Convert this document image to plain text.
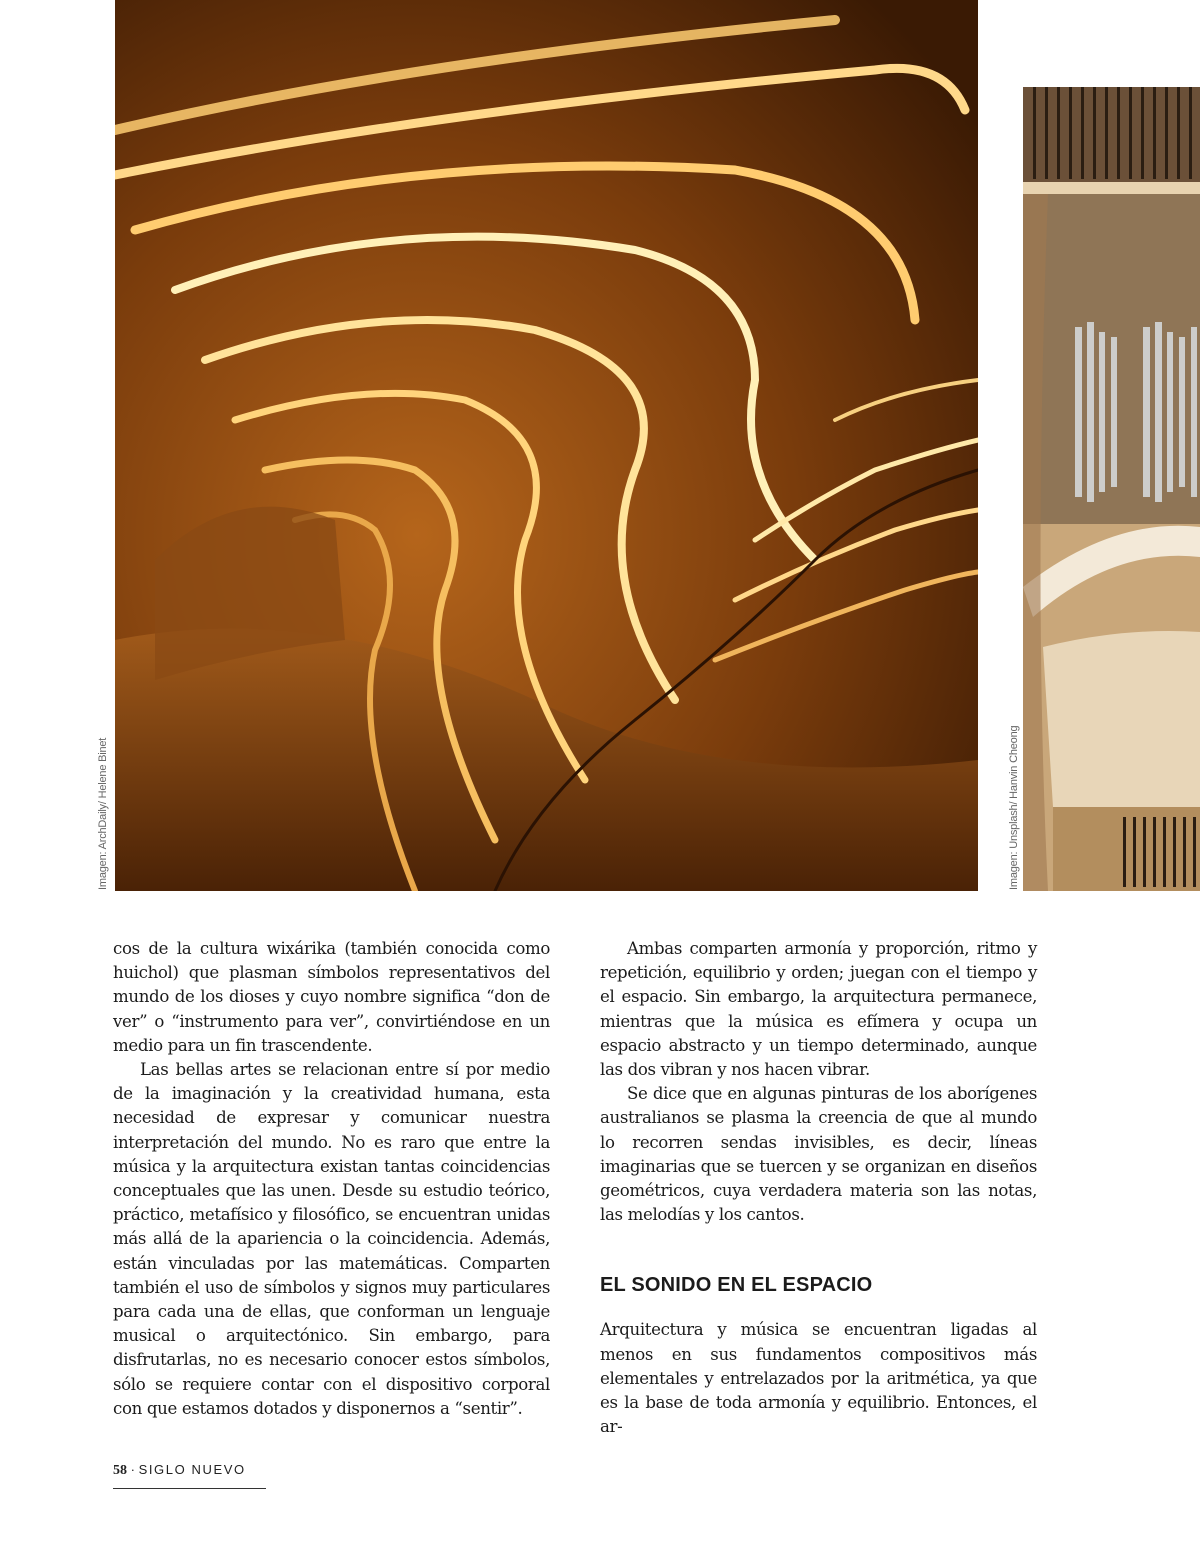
Imagen: ArchDaily/ Helene Binet	Imagen: Unsplash/ Hanvin Cheong

cos de la cultura wixárika (también conocida como huichol) que plasman símbolos representativos del mundo de los dioses y cuyo nombre significa “don de ver” o “instrumento para ver”, convirtiéndose en un medio para un fin trascendente.

Las bellas artes se relacionan entre sí por medio de la imaginación y la creatividad humana, esta necesidad de expresar y comunicar nuestra interpretación del mundo. No es raro que entre la música y la arquitectura existan tantas coincidencias conceptuales que las unen. Desde su estudio teórico, práctico, metafísico y filosófico, se encuentran unidas más allá de la apariencia o la coincidencia. Además, están vinculadas por las matemáticas. Comparten también el uso de símbolos y signos muy particulares para cada una de ellas, que conforman un lenguaje musical o arquitectónico. Sin embargo, para disfrutarlas, no es necesario conocer estos símbolos, sólo se requiere contar con el dispositivo corporal con que estamos dotados y disponernos a “sentir”.

Ambas comparten armonía y proporción, ritmo y repetición, equilibrio y orden; juegan con el tiempo y el espacio. Sin embargo, la arquitectura permanece, mientras que la música es efímera y ocupa un espacio abstracto y un tiempo determinado, aunque las dos vibran y nos hacen vibrar.

Se dice que en algunas pinturas de los aborígenes australianos se plasma la creencia de que al mundo lo recorren sendas invisibles, es decir, líneas imaginarias que se tuercen y se organizan en diseños geométricos, cuya verdadera materia son las notas, las melodías y los cantos.

EL SONIDO EN EL ESPACIO

Arquitectura y música se encuentran ligadas al menos en sus fundamentos compositivos más elementales y entrelazados por la aritmética, ya que es la base de toda armonía y equilibrio. Entonces, el ar-

58 · SIGLO NUEVO
